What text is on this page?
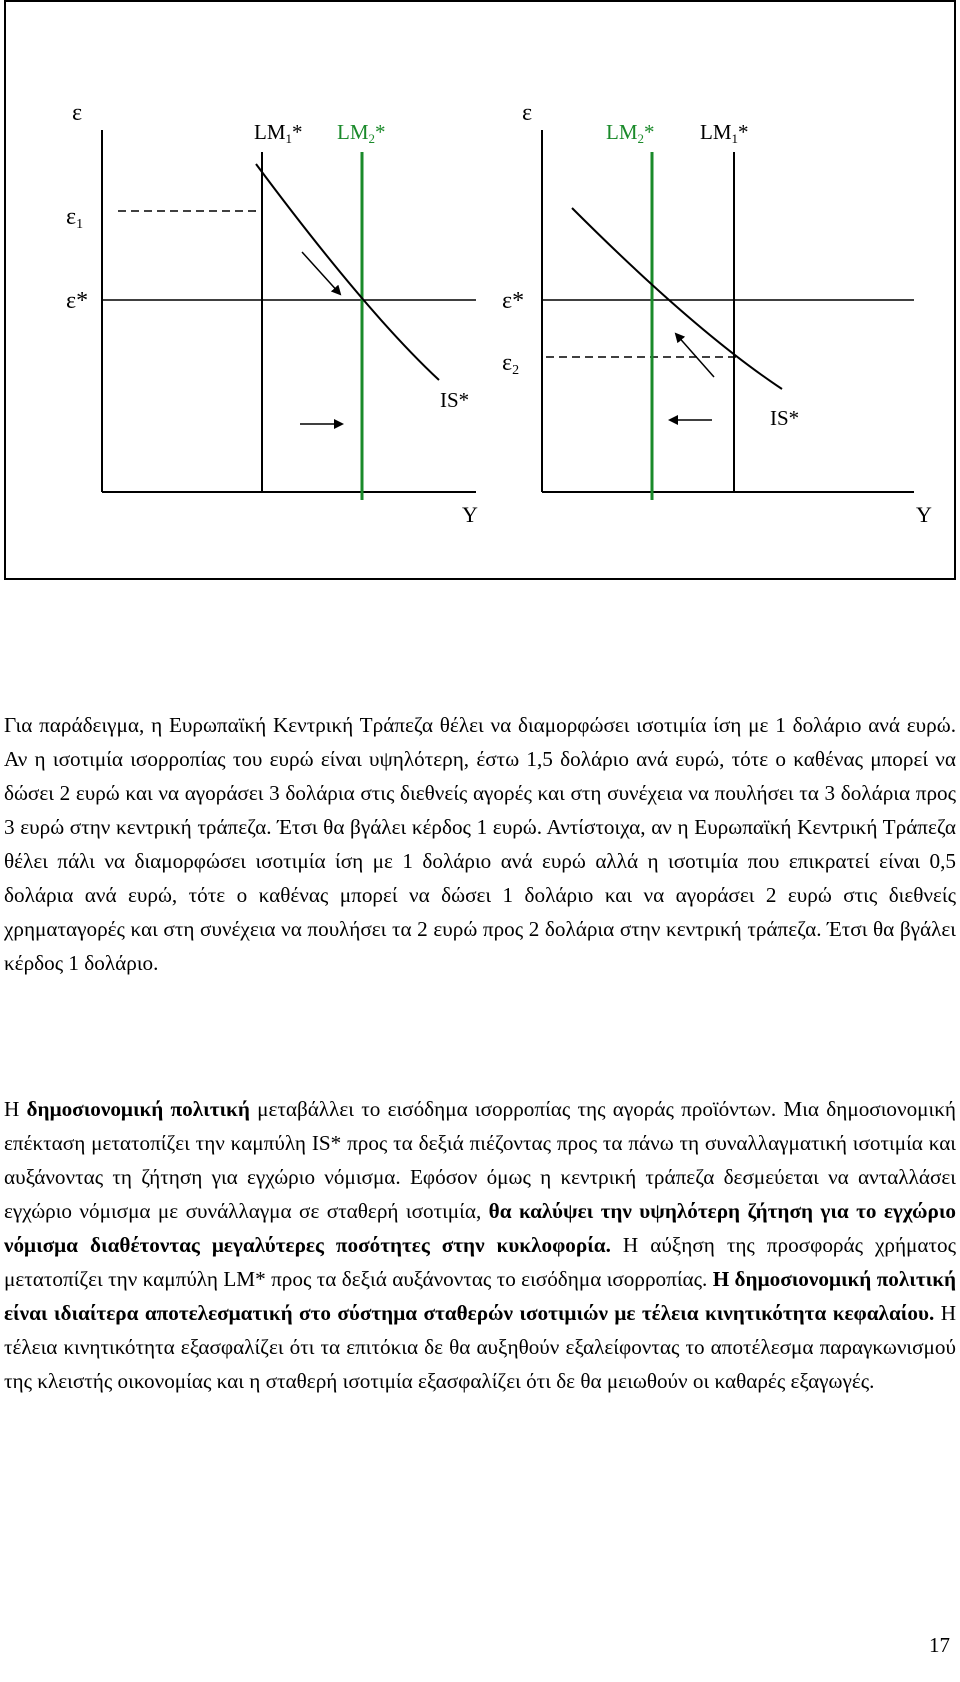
ε
Y
ε1
ε*
LM1* LM2*
IS*
ε
Y
ε*
ε2
LM2* LM1*
IS*

Για παράδειγμα, η Ευρωπαϊκή Κεντρική Τράπεζα θέλει να διαμορφώσει ισοτιμία ίση με 1 δολάριο ανά ευρώ. Αν η ισοτιμία ισορροπίας του ευρώ είναι υψηλότερη, έστω 1,5 δολάριο ανά ευρώ, τότε ο καθένας μπορεί να δώσει 2 ευρώ και να αγοράσει 3 δολάρια στις διεθνείς αγορές και στη συνέχεια να πουλήσει τα 3 δολάρια προς 3 ευρώ στην κεντρική τράπεζα. Έτσι θα βγάλει κέρδος 1 ευρώ. Αντίστοιχα, αν η Ευρωπαϊκή Κεντρική Τράπεζα θέλει πάλι να διαμορφώσει ισοτιμία ίση με 1 δολάριο ανά ευρώ αλλά η ισοτιμία που επικρατεί είναι 0,5 δολάρια ανά ευρώ, τότε ο καθένας μπορεί να δώσει 1 δολάριο και να αγοράσει 2 ευρώ στις διεθνείς χρηματαγορές και στη συνέχεια να πουλήσει τα 2 ευρώ προς 2 δολάρια στην κεντρική τράπεζα. Έτσι θα βγάλει κέρδος 1 δολάριο.

Η δημοσιονομική πολιτική μεταβάλλει το εισόδημα ισορροπίας της αγοράς προϊόντων. Μια δημοσιονομική επέκταση μετατοπίζει την καμπύλη IS* προς τα δεξιά πιέζοντας προς τα πάνω τη συναλλαγματική ισοτιμία και αυξάνοντας τη ζήτηση για εγχώριο νόμισμα. Εφόσον όμως η κεντρική τράπεζα δεσμεύεται να ανταλλάσει εγχώριο νόμισμα με συνάλλαγμα σε σταθερή ισοτιμία, θα καλύψει την υψηλότερη ζήτηση για το εγχώριο νόμισμα διαθέτοντας μεγαλύτερες ποσότητες στην κυκλοφορία. Η αύξηση της προσφοράς χρήματος μετατοπίζει την καμπύλη LM* προς τα δεξιά αυξάνοντας το εισόδημα ισορροπίας. Η δημοσιονομική πολιτική είναι ιδιαίτερα αποτελεσματική στο σύστημα σταθερών ισοτιμιών με τέλεια κινητικότητα κεφαλαίου. Η τέλεια κινητικότητα εξασφαλίζει ότι τα επιτόκια δε θα αυξηθούν εξαλείφοντας το αποτέλεσμα παραγκωνισμού της κλειστής οικονομίας και η σταθερή ισοτιμία εξασφαλίζει ότι δε θα μειωθούν οι καθαρές εξαγωγές.

17
